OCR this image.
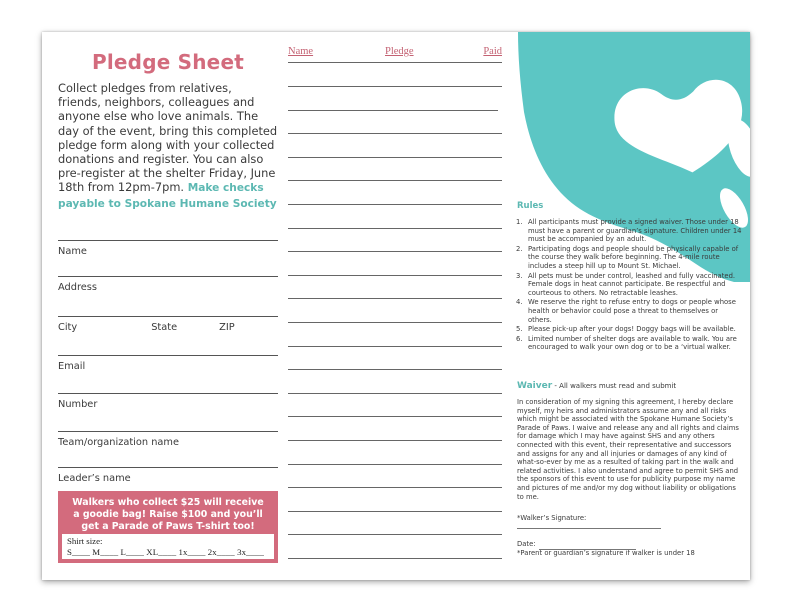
Pledge Sheet
Collect pledges from relatives, friends, neighbors, colleagues and anyone else who love animals. The day of the event, bring this completed pledge form along with your collected donations and register. You can also pre-register at the shelter Friday, June 18th from 12pm-7pm. Make checks payable to Spokane Humane Society
Name
Address
City	State	ZIP
Email
Number
Team/organization name
Leader’s name
Walkers who collect $25 will receive a goodie bag! Raise $100 and you’ll get a Parade of Paws T-shirt too!
Shirt size:
S____ M____ L____ XL____ 1x____ 2x____ 3x____
Name	Pledge	Paid
Rules
1. All participants must provide a signed waiver. Those under 18 must have a parent or guardian’s signature. Children under 14 must be accompanied by an adult.
2. Participating dogs and people should be physically capable of the course they walk before beginning. The 4-mile route includes a steep hill up to Mount St. Michael.
3. All pets must be under control, leashed and fully vaccinated. Female dogs in heat cannot participate. Be respectful and courteous to others. No retractable leashes.
4. We reserve the right to refuse entry to dogs or people whose health or behavior could pose a threat to themselves or others.
5. Please pick-up after your dogs! Doggy bags will be available.
6. Limited number of shelter dogs are available to walk. You are encouraged to walk your own dog or to be a ‘virtual walker.
Waiver - All walkers must read and submit
In consideration of my signing this agreement, I hereby declare myself, my heirs and administrators assume any and all risks which might be associated with the Spokane Humane Society’s Parade of Paws. I waive and release any and all rights and claims for damage which I may have against SHS and any others connected with this event, their representative and successors and assigns for any and all injuries or damages of any kind of what-so-ever by me as a resulted of taking part in the walk and related activities. I also understand and agree to permit SHS and the sponsors of this event to use for publicity purpose my name and pictures of me and/or my dog without liability or obligations to me.
*Walker’s Signature:
Date:
*Parent or guardian’s signature if walker is under 18
